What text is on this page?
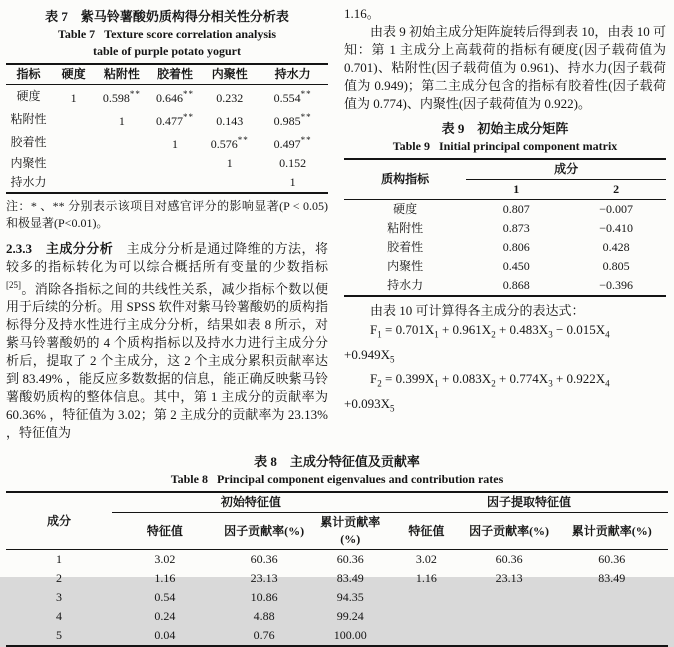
表 7　紫马铃薯酸奶质构得分相关性分析表
Table 7   Texture score correlation analysis
table of purple potato yogurt
指标	硬度	粘附性	胶着性	内聚性	持水力
硬度	1	0.598**	0.646**	0.232	0.554**
粘附性		1	0.477**	0.143	0.985**
胶着性			1	0.576**	0.497**
内聚性				1	0.152
持水力					1
注：* 、** 分别表示该项目对感官评分的影响显著(P < 0.05)和极显著(P<0.01)。

2.3.3　 主成分分析　 主成分分析是通过降维的方法，将较多的指标转化为可以综合概括所有变量的少数指标[25]。消除各指标之间的共线性关系，减少指标个数以便用于后续的分析。用 SPSS 软件对紫马铃薯酸奶的质构指标得分及持水性进行主成分分析，结果如表 8 所示，对紫马铃薯酸奶的 4 个质构指标以及持水力进行主成分分析后，提取了 2 个主成分，这 2 个主成分累积贡献率达到 83.49% ，能反应多数数据的信息，能正确反映紫马铃薯酸奶质构的整体信息。其中，第 1 主成分的贡献率为 60.36% ，特征值为 3.02；第 2 主成分的贡献率为 23.13% ，特征值为

1.16。

由表 9 初始主成分矩阵旋转后得到表 10，由表 10 可知：第 1 主成分上高载荷的指标有硬度(因子载荷值为 0.701)、粘附性(因子载荷值为 0.961)、持水力(因子载荷值为 0.949)；第二主成分包含的指标有胶着性(因子载荷值为 0.774)、内聚性(因子载荷值为 0.922)。

表 9　初始主成分矩阵
Table 9   Initial principal component matrix
质构指标	成分	
	1	2
硬度	0.807	−0.007
粘附性	0.873	−0.410
胶着性	0.806	0.428
内聚性	0.450	0.805
持水力	0.868	−0.396

由表 10 可计算得各主成分的表达式：

$F_1 = 0.701X_1 + 0.961X_2 + 0.483X_3 - 0.015X_4$
$+0.949X_5$
$F_2 = 0.399X_1 + 0.083X_2 + 0.774X_3 + 0.922X_4$
$+0.093X_5$
表 8　主成分特征值及贡献率
Table 8   Principal component eigenvalues and contribution rates
成分	初始特征值			因子提取特征值		
	特征值	因子贡献率(%)	累计贡献率(%)	特征值	因子贡献率(%)	累计贡献率(%)
1	3.02	60.36	60.36	3.02	60.36	60.36
2	1.16	23.13	83.49	1.16	23.13	83.49
3	0.54	10.86	94.35			
4	0.24	4.88	99.24			
5	0.04	0.76	100.00			
